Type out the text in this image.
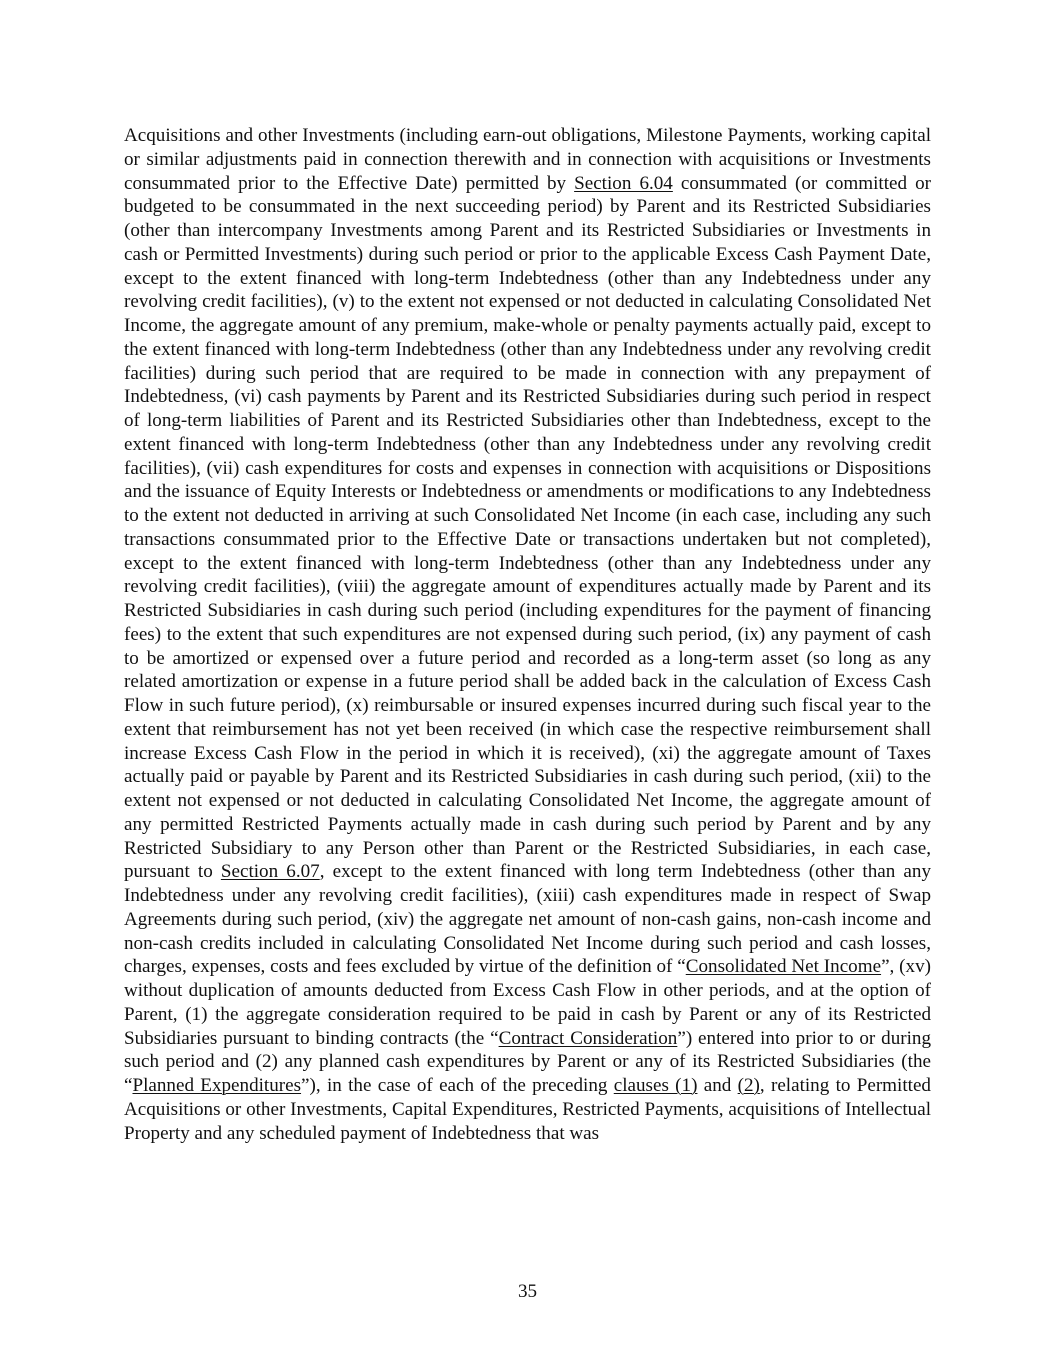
Acquisitions and other Investments (including earn-out obligations, Milestone Payments, working capital or similar adjustments paid in connection therewith and in connection with acquisitions or Investments consummated prior to the Effective Date) permitted by Section 6.04 consummated (or committed or budgeted to be consummated in the next succeeding period) by Parent and its Restricted Subsidiaries (other than intercompany Investments among Parent and its Restricted Subsidiaries or Investments in cash or Permitted Investments) during such period or prior to the applicable Excess Cash Payment Date, except to the extent financed with long-term Indebtedness (other than any Indebtedness under any revolving credit facilities), (v) to the extent not expensed or not deducted in calculating Consolidated Net Income, the aggregate amount of any premium, make-whole or penalty payments actually paid, except to the extent financed with long-term Indebtedness (other than any Indebtedness under any revolving credit facilities) during such period that are required to be made in connection with any prepayment of Indebtedness, (vi) cash payments by Parent and its Restricted Subsidiaries during such period in respect of long-term liabilities of Parent and its Restricted Subsidiaries other than Indebtedness, except to the extent financed with long-term Indebtedness (other than any Indebtedness under any revolving credit facilities), (vii) cash expenditures for costs and expenses in connection with acquisitions or Dispositions and the issuance of Equity Interests or Indebtedness or amendments or modifications to any Indebtedness to the extent not deducted in arriving at such Consolidated Net Income (in each case, including any such transactions consummated prior to the Effective Date or transactions undertaken but not completed), except to the extent financed with long-term Indebtedness (other than any Indebtedness under any revolving credit facilities), (viii) the aggregate amount of expenditures actually made by Parent and its Restricted Subsidiaries in cash during such period (including expenditures for the payment of financing fees) to the extent that such expenditures are not expensed during such period, (ix) any payment of cash to be amortized or expensed over a future period and recorded as a long-term asset (so long as any related amortization or expense in a future period shall be added back in the calculation of Excess Cash Flow in such future period), (x) reimbursable or insured expenses incurred during such fiscal year to the extent that reimbursement has not yet been received (in which case the respective reimbursement shall increase Excess Cash Flow in the period in which it is received), (xi) the aggregate amount of Taxes actually paid or payable by Parent and its Restricted Subsidiaries in cash during such period, (xii) to the extent not expensed or not deducted in calculating Consolidated Net Income, the aggregate amount of any permitted Restricted Payments actually made in cash during such period by Parent and by any Restricted Subsidiary to any Person other than Parent or the Restricted Subsidiaries, in each case, pursuant to Section 6.07, except to the extent financed with long term Indebtedness (other than any Indebtedness under any revolving credit facilities), (xiii) cash expenditures made in respect of Swap Agreements during such period, (xiv) the aggregate net amount of non-cash gains, non-cash income and non-cash credits included in calculating Consolidated Net Income during such period and cash losses, charges, expenses, costs and fees excluded by virtue of the definition of “Consolidated Net Income”, (xv) without duplication of amounts deducted from Excess Cash Flow in other periods, and at the option of Parent, (1) the aggregate consideration required to be paid in cash by Parent or any of its Restricted Subsidiaries pursuant to binding contracts (the “Contract Consideration”) entered into prior to or during such period and (2) any planned cash expenditures by Parent or any of its Restricted Subsidiaries (the “Planned Expenditures”), in the case of each of the preceding clauses (1) and (2), relating to Permitted Acquisitions or other Investments, Capital Expenditures, Restricted Payments, acquisitions of Intellectual Property and any scheduled payment of Indebtedness that was

35
